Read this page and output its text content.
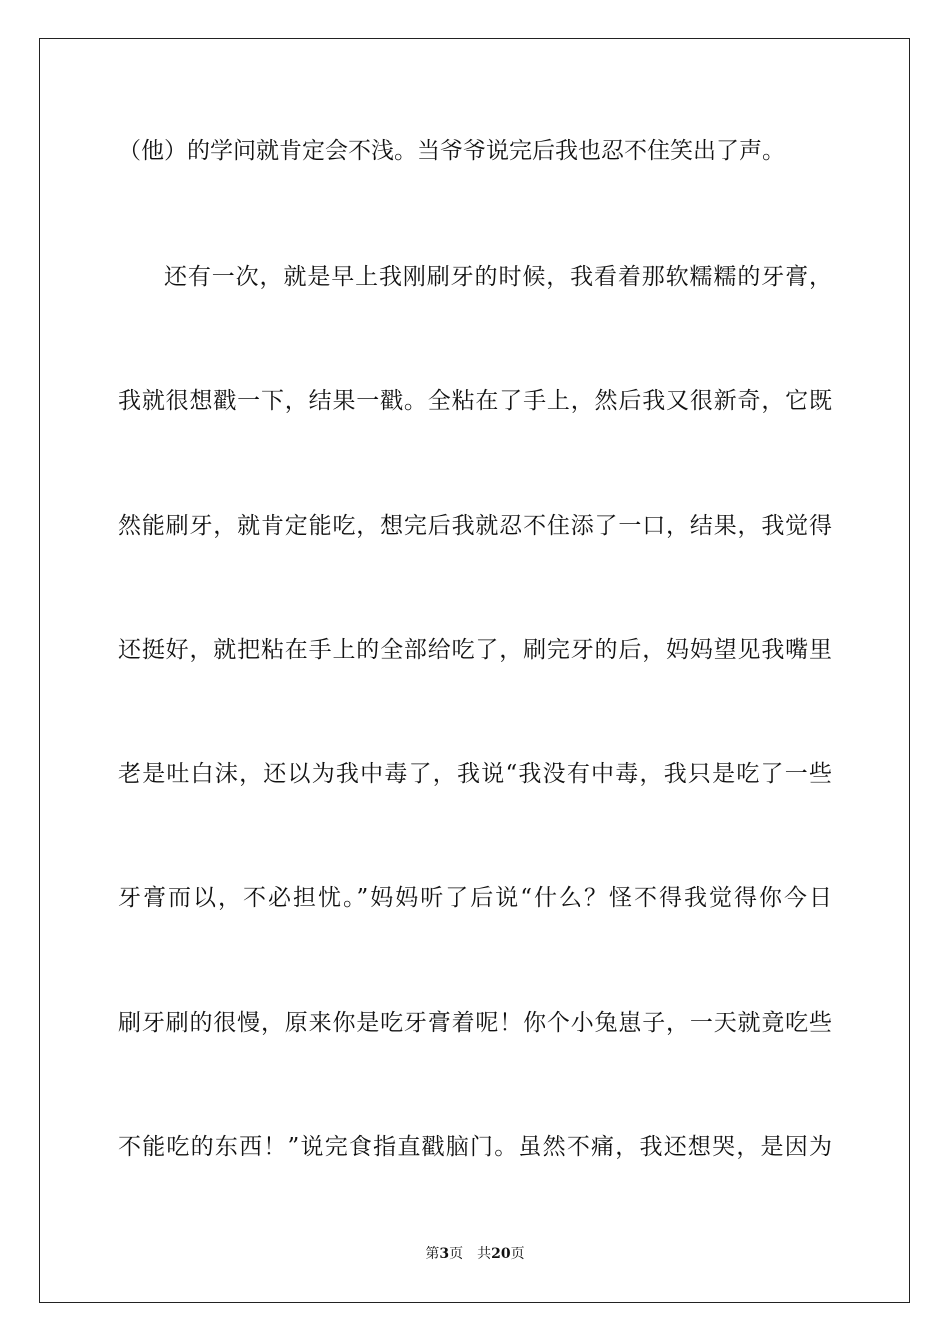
（他）的学问就肯定会不浅。当爷爷说完后我也忍不住笑出了声。
还有一次，就是早上我刚刷牙的时候，我看着那软糯糯的牙膏，
我就很想戳一下，结果一戳。全粘在了手上，然后我又很新奇，它既
然能刷牙，就肯定能吃，想完后我就忍不住添了一口，结果，我觉得
还挺好，就把粘在手上的全部给吃了，刷完牙的后，妈妈望见我嘴里
老是吐白沫，还以为我中毒了，我说“我没有中毒，我只是吃了一些
牙膏而以，不必担忧。”妈妈听了后说“什么？怪不得我觉得你今日
刷牙刷的很慢，原来你是吃牙膏着呢！你个小兔崽子，一天就竟吃些
不能吃的东西！”说完食指直戳脑门。虽然不痛，我还想哭，是因为
第3页 共20页
